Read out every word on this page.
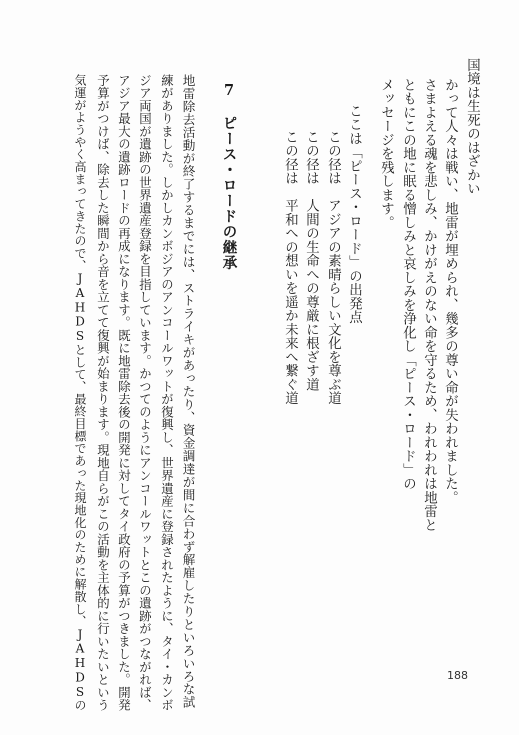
国境は生死のはざかい
かって人々は戦い、地雷が埋められ、幾多の尊い命が失われました。
さまよえる魂を悲しみ、かけがえのない命を守るため、われわれは地雷と
ともにこの地に眠る憎しみと哀しみを浄化し「ピース・ロード」の
メッセージを残します。
ここは「ピース・ロード」の出発点
この径は　アジアの素晴らしい文化を尊ぶ道
この径は　人間の生命への尊厳に根ざす道
この径は　平和への想いを遥か未来へ繋ぐ道
7　ピース・ロードの継承
地雷除去活動が終了するまでには、ストライキがあったり、資金調達が間に合わず解雇したりといろいろな試
練がありました。しかしカンボジアのアンコールワットが復興し、世界遺産に登録されたように、タイ・カンボ
ジア両国が遺跡の世界遺産登録を目指しています。かつてのようにアンコールワットとこの遺跡がつながれば、
アジア最大の遺跡ロードの再成になります。既に地雷除去後の開発に対してタイ政府の予算がつきました。開発
予算がつけば、除去した瞬間から音を立てて復興が始まります。現地自らがこの活動を主体的に行いたいという
気運がようやく高まってきたので、JAHDSとして、最終目標であった現地化のために解散し、JAHDSの	188
